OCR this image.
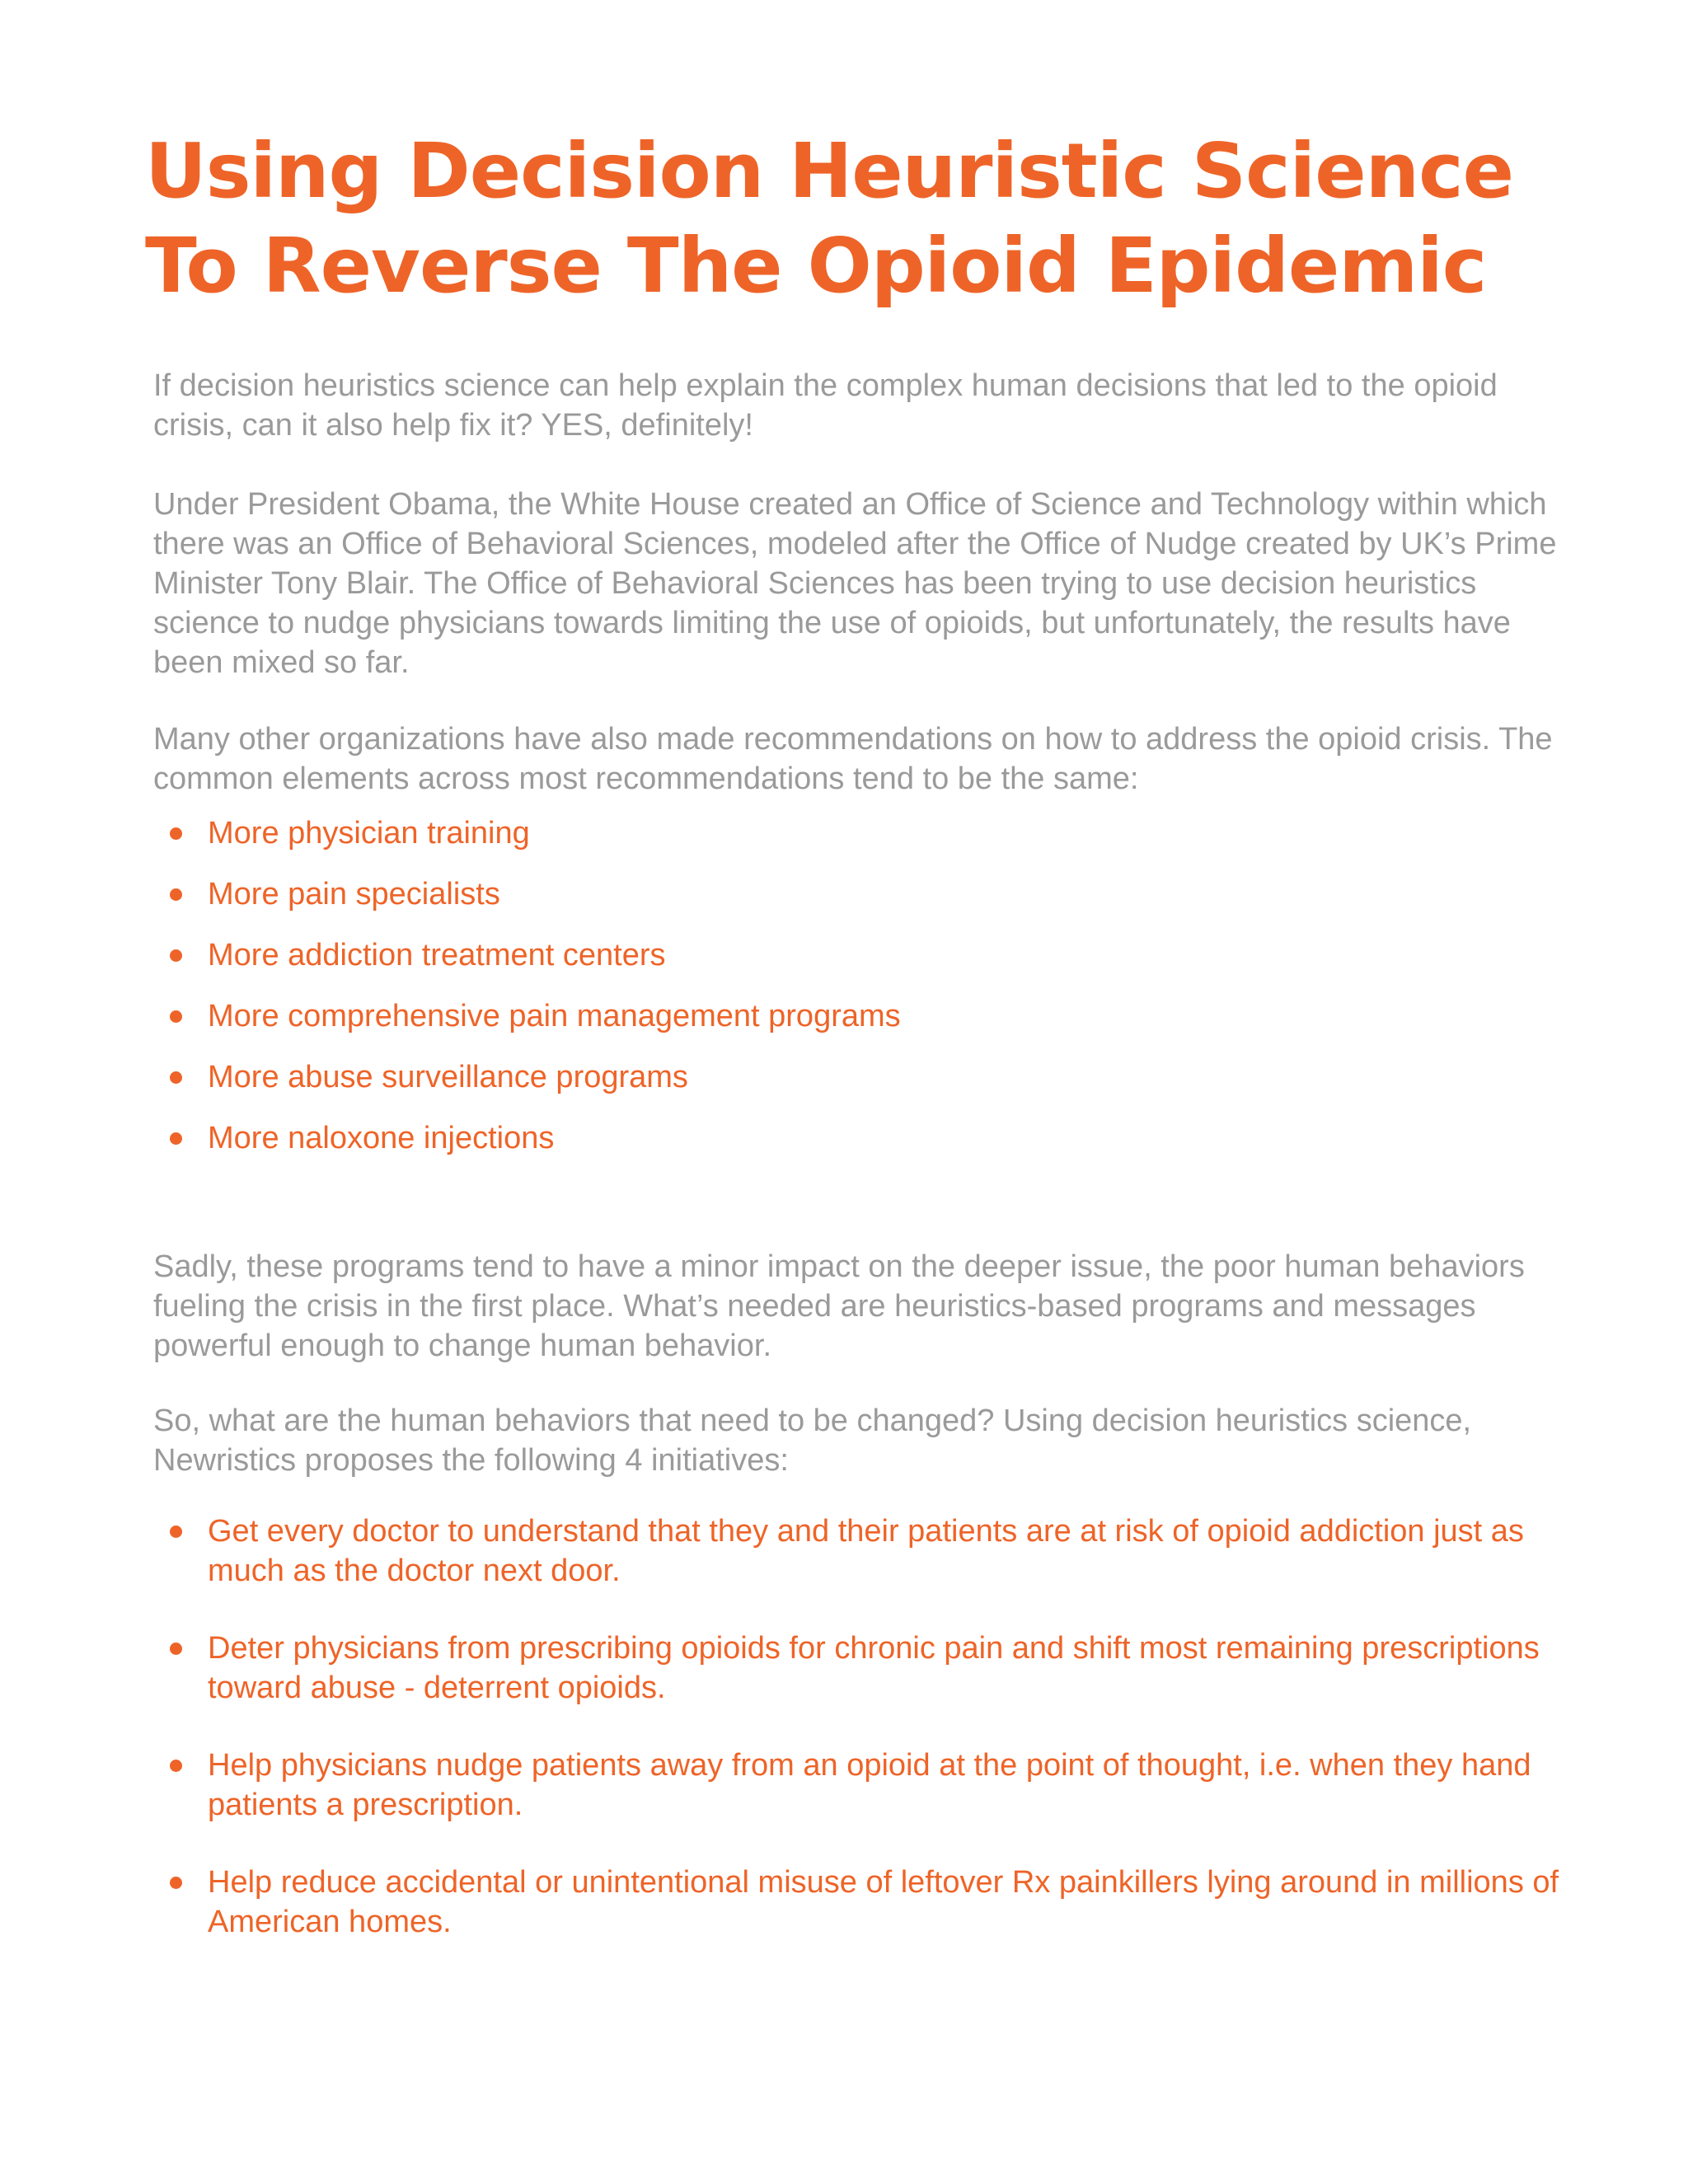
Using Decision Heuristic Science
To Reverse The Opioid Epidemic

If decision heuristics science can help explain the complex human decisions that led to the opioid crisis, can it also help fix it? YES, definitely!

Under President Obama, the White House created an Office of Science and Technology within which there was an Office of Behavioral Sciences, modeled after the Office of Nudge created by UK’s Prime Minister Tony Blair. The Office of Behavioral Sciences has been trying to use decision heuristics science to nudge physicians towards limiting the use of opioids, but unfortunately, the results have been mixed so far.

Many other organizations have also made recommendations on how to address the opioid crisis. The common elements across most recommendations tend to be the same:

More physician training
More pain specialists
More addiction treatment centers
More comprehensive pain management programs
More abuse surveillance programs
More naloxone injections

Sadly, these programs tend to have a minor impact on the deeper issue, the poor human behaviors fueling the crisis in the first place. What’s needed are heuristics-based programs and messages powerful enough to change human behavior.

So, what are the human behaviors that need to be changed? Using decision heuristics science, Newristics proposes the following 4 initiatives:

Get every doctor to understand that they and their patients are at risk of opioid addiction just as much as the doctor next door.
Deter physicians from prescribing opioids for chronic pain and shift most remaining prescriptions toward abuse - deterrent opioids.
Help physicians nudge patients away from an opioid at the point of thought, i.e. when they hand patients a prescription.
Help reduce accidental or unintentional misuse of leftover Rx painkillers lying around in millions of American homes.
